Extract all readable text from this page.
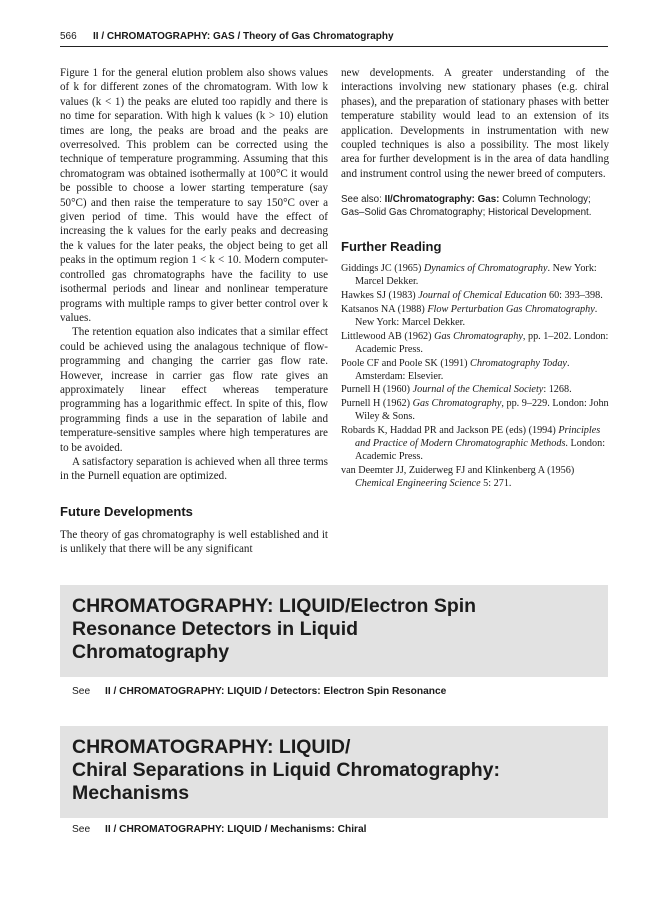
566 II / CHROMATOGRAPHY: GAS / Theory of Gas Chromatography

Figure 1 for the general elution problem also shows values of k for different zones of the chromatogram. With low k values (k < 1) the peaks are eluted too rapidly and there is no time for separation. With high k values (k > 10) elution times are long, the peaks are broad and the peaks are overresolved. This problem can be corrected using the technique of temperature programming. Assuming that this chromatogram was obtained isothermally at 100°C it would be possible to choose a lower starting temperature (say 50°C) and then raise the temperature to say 150°C over a given period of time. This would have the effect of increasing the k values for the early peaks and decreasing the k values for the later peaks, the object being to get all peaks in the optimum region 1 < k < 10. Modern computer-controlled gas chromatographs have the facility to use isothermal periods and linear and nonlinear temperature programs with multiple ramps to giver better control over k values.

The retention equation also indicates that a similar effect could be achieved using the analagous technique of flow-programming and changing the carrier gas flow rate. However, increase in carrier gas flow rate gives an approximately linear effect whereas temperature programming has a logarithmic effect. In spite of this, flow programming finds a use in the separation of labile and temperature-sensitive samples where high temperatures are to be avoided.

A satisfactory separation is achieved when all three terms in the Purnell equation are optimized.

Future Developments

The theory of gas chromatography is well established and it is unlikely that there will be any significant

new developments. A greater understanding of the interactions involving new stationary phases (e.g. chiral phases), and the preparation of stationary phases with better temperature stability would lead to an extension of its application. Developments in instrumentation with new coupled techniques is also a possibility. The most likely area for further development is in the area of data handling and instrument control using the newer breed of computers.

See also: II/Chromatography: Gas: Column Technology; Gas–Solid Gas Chromatography; Historical Development.
Further Reading
Giddings JC (1965) Dynamics of Chromatography. New York: Marcel Dekker.
Hawkes SJ (1983) Journal of Chemical Education 60: 393–398.
Katsanos NA (1988) Flow Perturbation Gas Chromatography. New York: Marcel Dekker.
Littlewood AB (1962) Gas Chromatography, pp. 1–202. London: Academic Press.
Poole CF and Poole SK (1991) Chromatography Today. Amsterdam: Elsevier.
Purnell H (1960) Journal of the Chemical Society: 1268.
Purnell H (1962) Gas Chromatography, pp. 9–229. London: John Wiley & Sons.
Robards K, Haddad PR and Jackson PE (eds) (1994) Principles and Practice of Modern Chromatographic Methods. London: Academic Press.
van Deemter JJ, Zuiderweg FJ and Klinkenberg A (1956) Chemical Engineering Science 5: 271.
CHROMATOGRAPHY: LIQUID/Electron Spin
Resonance Detectors in Liquid
Chromatography
See II / CHROMATOGRAPHY: LIQUID / Detectors: Electron Spin Resonance
CHROMATOGRAPHY: LIQUID/
Chiral Separations in Liquid Chromatography:
Mechanisms
See II / CHROMATOGRAPHY: LIQUID / Mechanisms: Chiral
